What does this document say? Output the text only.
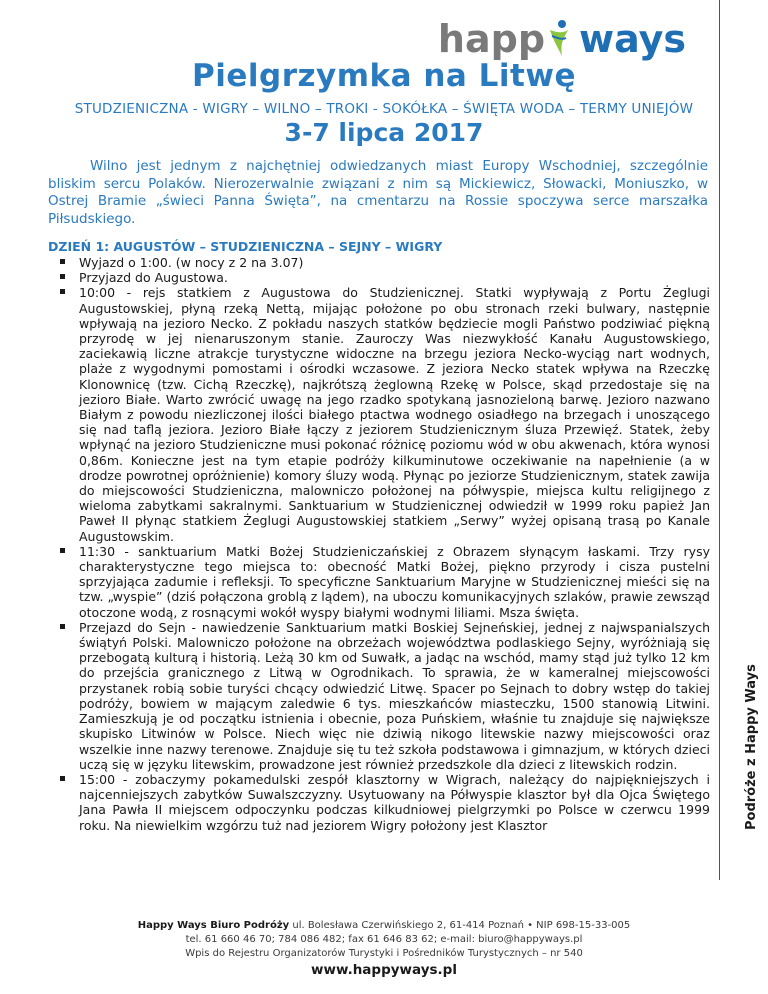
happ ways
Pielgrzymka na Litwę
STUDZIENICZNA - WIGRY – WILNO – TROKI - SOKÓŁKA – ŚWIĘTA WODA – TERMY UNIEJÓW
3-7 lipca 2017
Wilno jest jednym z najchętniej odwiedzanych miast Europy Wschodniej, szczególnie bliskim sercu Polaków. Nierozerwalnie związani z nim są Mickiewicz, Słowacki, Moniuszko, w Ostrej Bramie „świeci Panna Święta”, na cmentarzu na Rossie spoczywa serce marszałka Piłsudskiego.
DZIEŃ 1: AUGUSTÓW – STUDZIENICZNA – SEJNY – WIGRY
Wyjazd o 1:00. (w nocy z 2 na 3.07)
Przyjazd do Augustowa.
10:00 - rejs statkiem z Augustowa do Studzienicznej. Statki wypływają z Portu Żeglugi Augustowskiej, płyną rzeką Nettą, mijając położone po obu stronach rzeki bulwary, następnie wpływają na jezioro Necko. Z pokładu naszych statków będziecie mogli Państwo podziwiać piękną przyrodę w jej nienaruszonym stanie. Zauroczy Was niezwykłość Kanału Augustowskiego, zaciekawią liczne atrakcje turystyczne widoczne na brzegu jeziora Necko-wyciąg nart wodnych, plaże z wygodnymi pomostami i ośrodki wczasowe. Z jeziora Necko statek wpływa na Rzeczkę Klonownicę (tzw. Cichą Rzeczkę), najkrótszą żeglowną Rzekę w Polsce, skąd przedostaje się na jezioro Białe. Warto zwrócić uwagę na jego rzadko spotykaną jasnozieloną barwę. Jezioro nazwano Białym z powodu niezliczonej ilości białego ptactwa wodnego osiadłego na brzegach i unoszącego się nad taflą jeziora. Jezioro Białe łączy z jeziorem Studzienicznym śluza Przewięź. Statek, żeby wpłynąć na jezioro Studzieniczne musi pokonać różnicę poziomu wód w obu akwenach, która wynosi 0,86m. Konieczne jest na tym etapie podróży kilkuminutowe oczekiwanie na napełnienie (a w drodze powrotnej opróżnienie) komory śluzy wodą. Płynąc po jeziorze Studzienicznym, statek zawija do miejscowości Studzieniczna, malowniczo położonej na półwyspie, miejsca kultu religijnego z wieloma zabytkami sakralnymi. Sanktuarium w Studzienicznej odwiedził w 1999 roku papież Jan Paweł II płynąc statkiem Żeglugi Augustowskiej statkiem „Serwy” wyżej opisaną trasą po Kanale Augustowskim.
11:30 - sanktuarium Matki Bożej Studzieniczańskiej z Obrazem słynącym łaskami. Trzy rysy charakterystyczne tego miejsca to: obecność Matki Bożej, piękno przyrody i cisza pustelni sprzyjająca zadumie i refleksji. To specyficzne Sanktuarium Maryjne w Studzienicznej mieści się na tzw. „wyspie” (dziś połączona groblą z lądem), na uboczu komunikacyjnych szlaków, prawie zewsząd otoczone wodą, z rosnącymi wokół wyspy białymi wodnymi liliami. Msza święta.
Przejazd do Sejn - nawiedzenie Sanktuarium matki Boskiej Sejneńskiej, jednej z najwspanialszych świątyń Polski. Malowniczo położone na obrzeżach województwa podlaskiego Sejny, wyróżniają się przebogatą kulturą i historią. Leżą 30 km od Suwałk, a jadąc na wschód, mamy stąd już tylko 12 km do przejścia granicznego z Litwą w Ogrodnikach. To sprawia, że w kameralnej miejscowości przystanek robią sobie turyści chcący odwiedzić Litwę. Spacer po Sejnach to dobry wstęp do takiej podróży, bowiem w mającym zaledwie 6 tys. mieszkańców miasteczku, 1500 stanowią Litwini. Zamieszkują je od początku istnienia i obecnie, poza Puńskiem, właśnie tu znajduje się największe skupisko Litwinów w Polsce. Niech więc nie dziwią nikogo litewskie nazwy miejscowości oraz wszelkie inne nazwy terenowe. Znajduje się tu też szkoła podstawowa i gimnazjum, w których dzieci uczą się w języku litewskim, prowadzone jest również przedszkole dla dzieci z litewskich rodzin.
15:00 - zobaczymy pokamedulski zespół klasztorny w Wigrach, należący do najpiękniejszych i najcenniejszych zabytków Suwalszczyzny. Usytuowany na Półwyspie klasztor był dla Ojca Świętego Jana Pawła II miejscem odpoczynku podczas kilkudniowej pielgrzymki po Polsce w czerwcu 1999 roku. Na niewielkim wzgórzu tuż nad jeziorem Wigry położony jest Klasztor	Podróże z Happy Ways
Happy Ways Biuro Podróży ul. Bolesława Czerwińskiego 2, 61-414 Poznań • NIP 698-15-33-005
tel. 61 660 46 70; 784 086 482; fax 61 646 83 62; e-mail: biuro@happyways.pl
Wpis do Rejestru Organizatorów Turystyki i Pośredników Turystycznych – nr 540
www.happyways.pl
